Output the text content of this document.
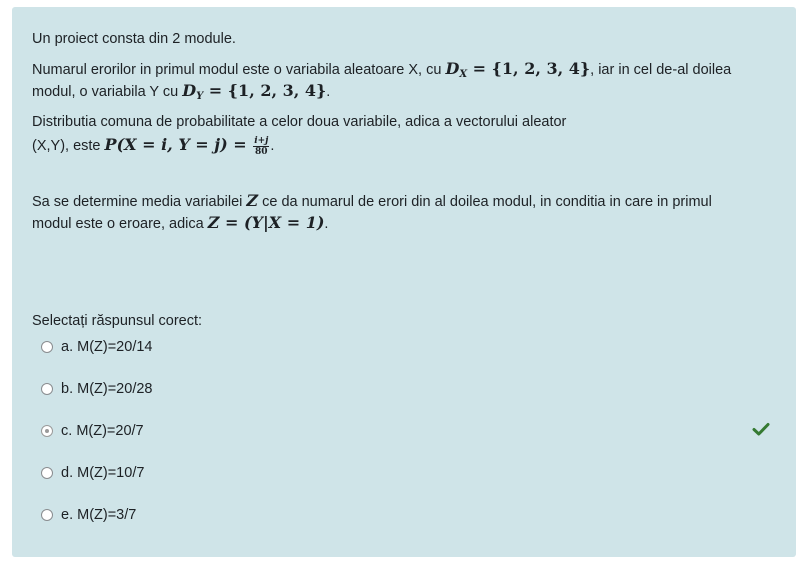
Un proiect consta din 2 module.
Numarul erorilor in primul modul este o variabila aleatoare X, cu $D_X = \{1$, 2, 3, 4}, iar in cel de-al doilea
modul, o variabila Y cu $D_Y = \{1$, 2, 3, 4}.
Distributia comuna de probabilitate a celor doua variabile, adica a vectorului aleator
(X,Y), este P(X = i, $Y = j) = \frac{i+j}{80}$ .
Sa se determine media variabilei Z ce da numarul de erori din al doilea modul, in conditia in care in primul
modul este o eroare, adica Z = (Y|X = 1).
Selectați răspunsul corect:
a. M(Z)=20/14
b. M(Z)=20/28
c. M(Z)=20/7
d. M(Z)=10/7
e. M(Z)=3/7
